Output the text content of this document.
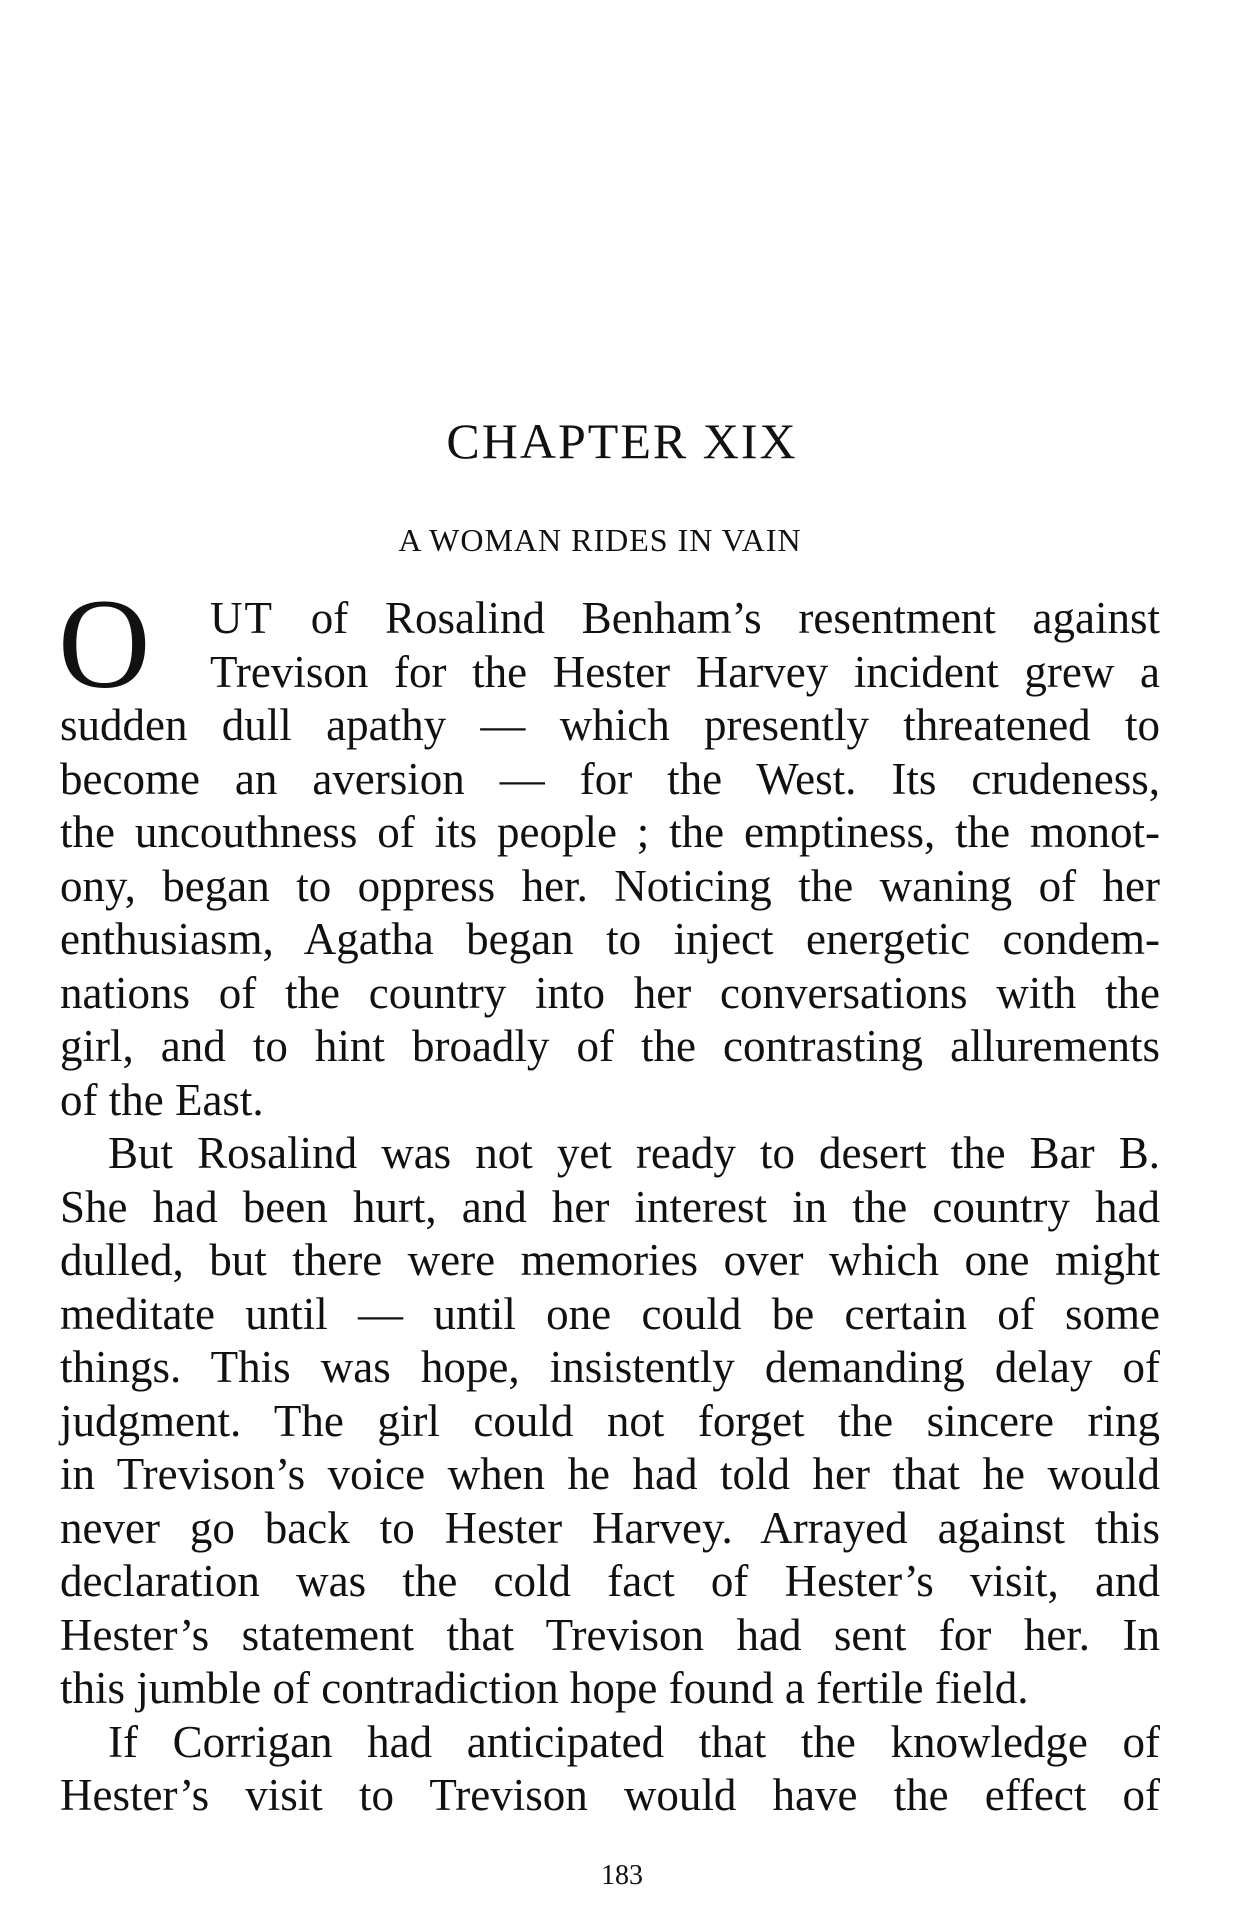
CHAPTER XIX
A WOMAN RIDES IN VAIN
O	UT of Rosalind Benham’s resentment against
Trevison for the Hester Harvey incident grew a
sudden dull apathy — which presently threatened to
become an aversion — for the West. Its crudeness,
the uncouthness of its people ; the emptiness, the monot-
ony, began to oppress her. Noticing the waning of her
enthusiasm, Agatha began to inject energetic condem-
nations of the country into her conversations with the
girl, and to hint broadly of the contrasting allurements
of the East.
But Rosalind was not yet ready to desert the Bar B.
She had been hurt, and her interest in the country had
dulled, but there were memories over which one might
meditate until — until one could be certain of some
things. This was hope, insistently demanding delay of
judgment. The girl could not forget the sincere ring
in Trevison’s voice when he had told her that he would
never go back to Hester Harvey. Arrayed against this
declaration was the cold fact of Hester’s visit, and
Hester’s statement that Trevison had sent for her. In
this jumble of contradiction hope found a fertile field.
If Corrigan had anticipated that the knowledge of
Hester’s visit to Trevison would have the effect of
183
